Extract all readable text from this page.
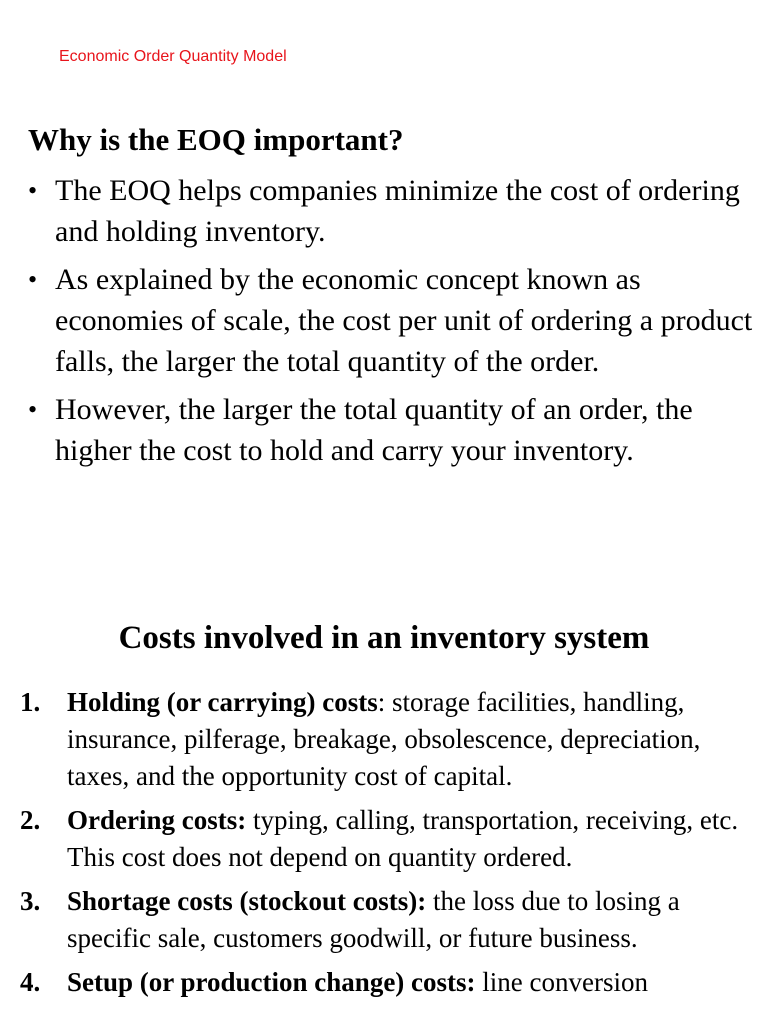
Economic Order Quantity Model
Why is the EOQ important?
• The EOQ helps companies minimize the cost of ordering and holding inventory.
• As explained by the economic concept known as economies of scale, the cost per unit of ordering a product falls, the larger the total quantity of the order.
• However, the larger the total quantity of an order, the higher the cost to hold and carry your inventory.
Costs involved in an inventory system
1. Holding (or carrying) costs: storage facilities, handling, insurance, pilferage, breakage, obsolescence, depreciation, taxes, and the opportunity cost of capital.
2. Ordering costs: typing, calling, transportation, receiving, etc. This cost does not depend on quantity ordered.
3. Shortage costs (stockout costs): the loss due to losing a specific sale, customers goodwill, or future business.
4. Setup (or production change) costs: line conversion
